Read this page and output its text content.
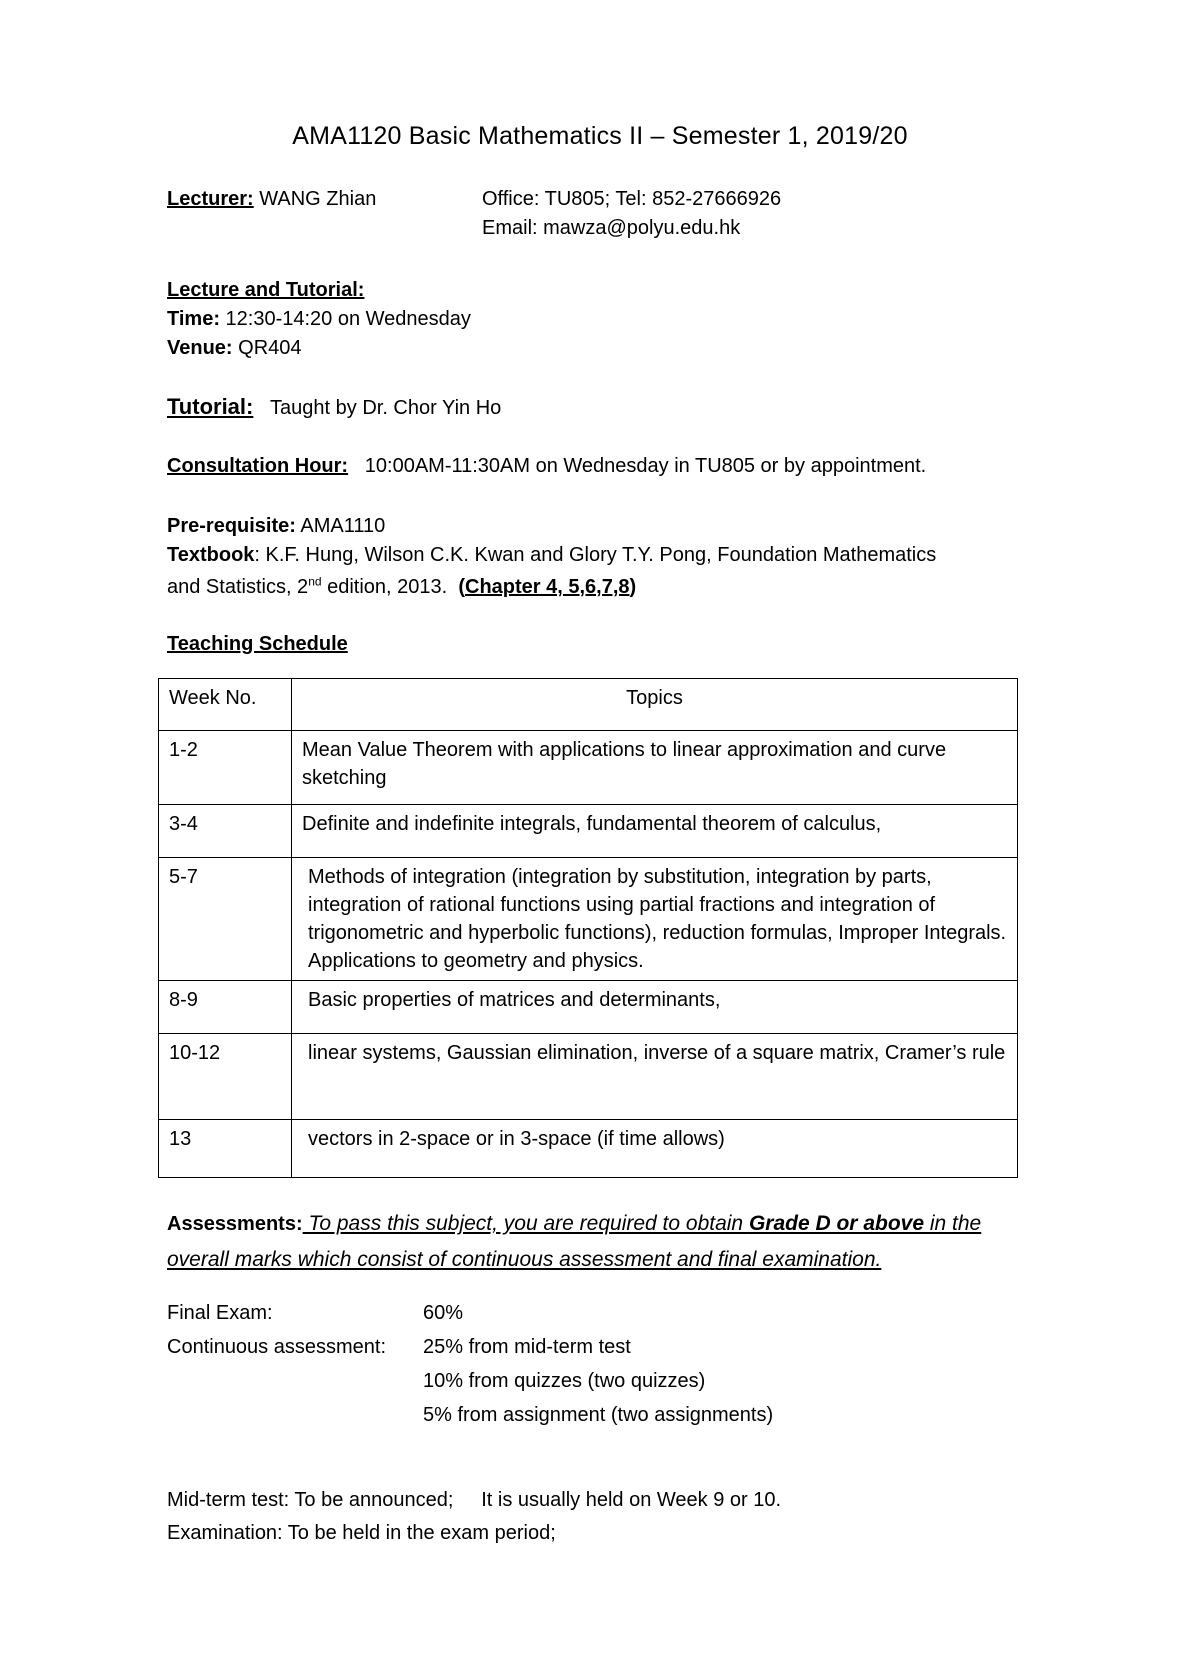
AMA1120 Basic Mathematics II – Semester 1, 2019/20
Lecturer: WANG Zhian	Office: TU805; Tel: 852-27666926
Email: mawza@polyu.edu.hk
Lecture and Tutorial:
Time: 12:30-14:20 on Wednesday
Venue: QR404
Tutorial: Taught by Dr. Chor Yin Ho
Consultation Hour: 10:00AM-11:30AM on Wednesday in TU805 or by appointment.
Pre-requisite: AMA1110
Textbook: K.F. Hung, Wilson C.K. Kwan and Glory T.Y. Pong, Foundation Mathematics
and Statistics, 2nd edition, 2013.  (Chapter 4, 5,6,7,8)
Teaching Schedule
Week No.	Topics
1-2	Mean Value Theorem with applications to linear approximation and curve sketching
3-4	Definite and indefinite integrals, fundamental theorem of calculus,
5-7	Methods of integration (integration by substitution, integration by parts, integration of rational functions using partial fractions and integration of trigonometric and hyperbolic functions), reduction formulas, Improper Integrals. Applications to geometry and physics.
8-9	Basic properties of matrices and determinants,
10-12	linear systems, Gaussian elimination, inverse of a square matrix, Cramer’s rule
13	vectors in 2-space or in 3-space (if time allows)
Assessments: To pass this subject, you are required to obtain Grade D or above in the overall marks which consist of continuous assessment and final examination.
Final Exam:	60%
Continuous assessment: 25% from mid-term test
10% from quizzes (two quizzes)
5% from assignment (two assignments)
Mid-term test: To be announced;     It is usually held on Week 9 or 10.
Examination: To be held in the exam period;
